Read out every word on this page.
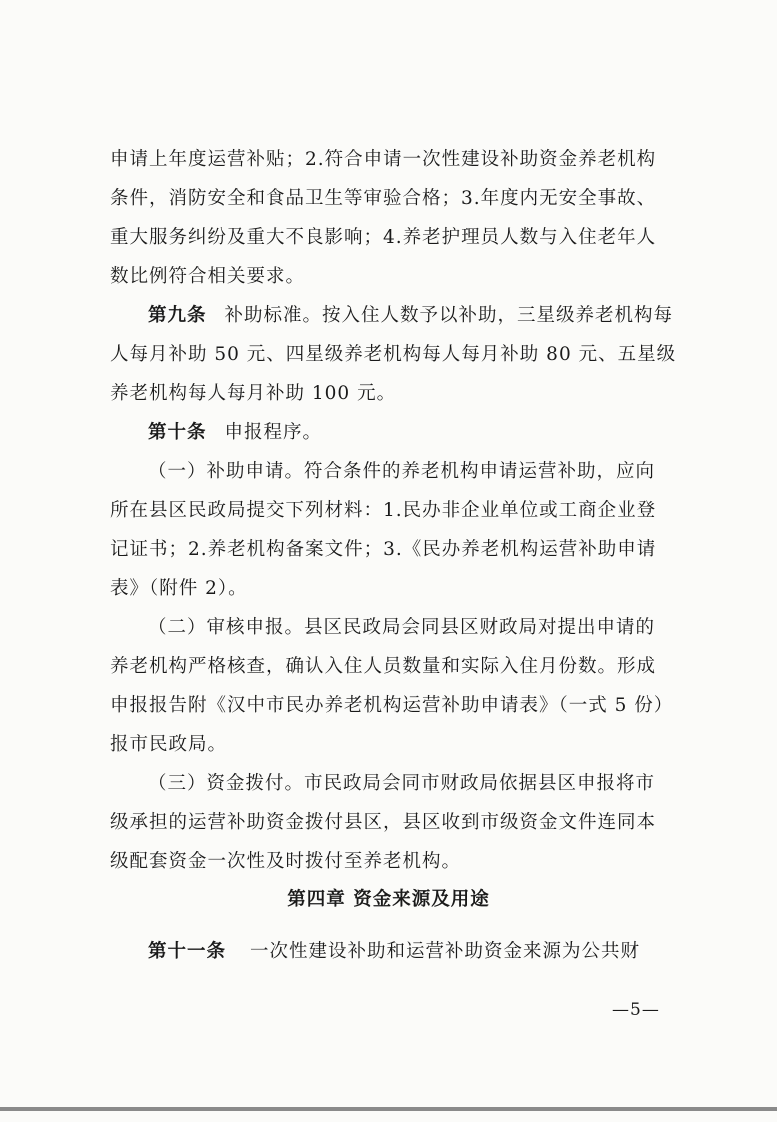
申请上年度运营补贴；2.符合申请一次性建设补助资金养老机构
条件，消防安全和食品卫生等审验合格；3.年度内无安全事故、
重大服务纠纷及重大不良影响；4.养老护理员人数与入住老年人
数比例符合相关要求。
第九条 补助标准。按入住人数予以补助，三星级养老机构每
人每月补助 50 元、四星级养老机构每人每月补助 80 元、五星级
养老机构每人每月补助 100 元。
第十条 申报程序。
（一）补助申请。符合条件的养老机构申请运营补助，应向
所在县区民政局提交下列材料：1.民办非企业单位或工商企业登
记证书；2.养老机构备案文件；3.《民办养老机构运营补助申请
表》（附件 2）。
（二）审核申报。县区民政局会同县区财政局对提出申请的
养老机构严格核查，确认入住人员数量和实际入住月份数。形成
申报报告附《汉中市民办养老机构运营补助申请表》（一式 5 份）
报市民政局。
（三）资金拨付。市民政局会同市财政局依据县区申报将市
级承担的运营补助资金拨付县区，县区收到市级资金文件连同本
级配套资金一次性及时拨付至养老机构。
第四章 资金来源及用途
第十一条 一次性建设补助和运营补助资金来源为公共财
—5—
